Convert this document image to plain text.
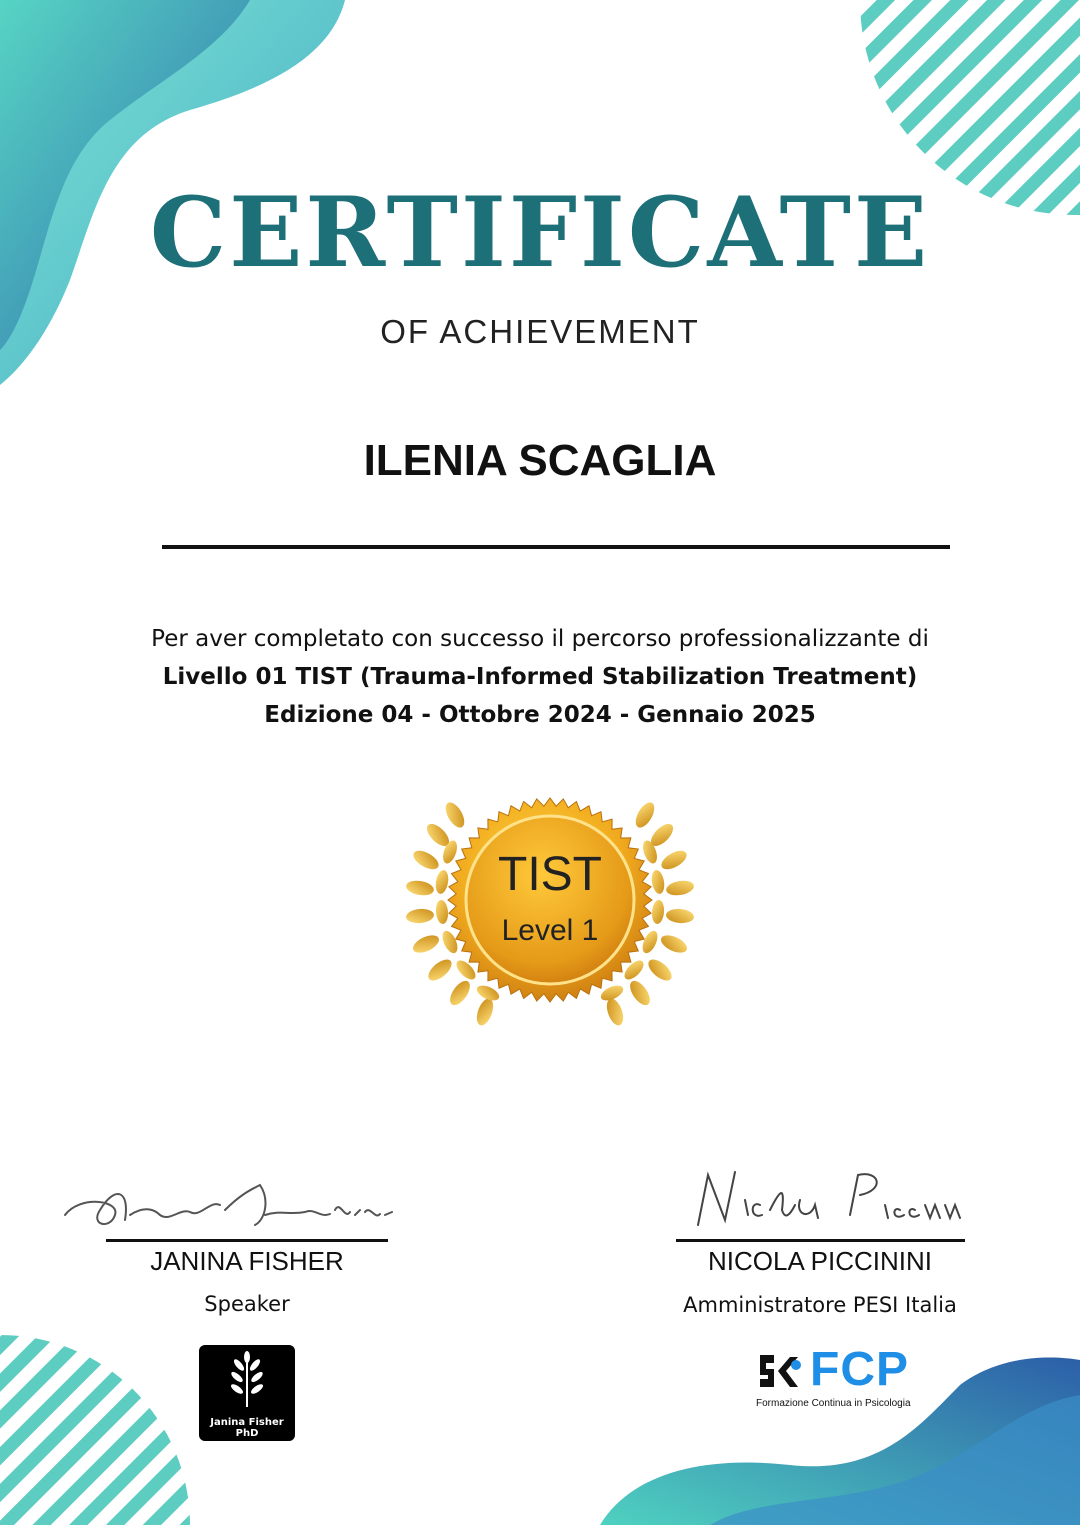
CERTIFICATE
OF ACHIEVEMENT
ILENIA SCAGLIA
Per aver completato con successo il percorso professionalizzante di
Livello 01 TIST (Trauma-Informed Stabilization Treatment)
Edizione 04 - Ottobre 2024 - Gennaio 2025
TIST
Level 1
JANINA FISHER
Speaker
NICOLA PICCININI
Amministratore PESI Italia
Janina Fisher
PhD
FCP
Formazione Continua in Psicologia
